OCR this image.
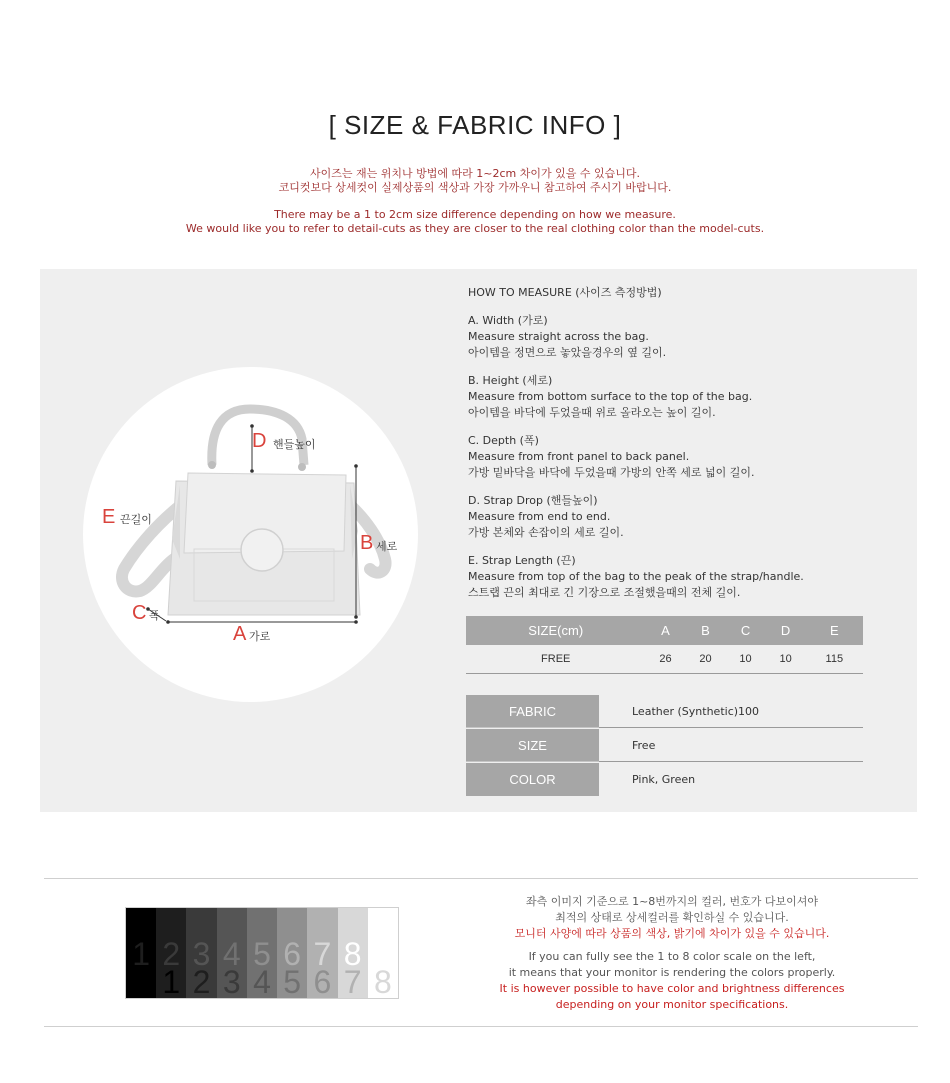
[ SIZE & FABRIC INFO ]
사이즈는 재는 위치나 방법에 따라 1~2cm 차이가 있을 수 있습니다.
코디컷보다 상세컷이 실제상품의 색상과 가장 가까우니 참고하여 주시기 바랍니다.
There may be a 1 to 2cm size difference depending on how we measure.
We would like you to refer to detail-cuts as they are closer to the real clothing color than the model-cuts.
D 핸들높이
E 끈길이
B 세로
C 폭
A 가로
HOW TO MEASURE (사이즈 측정방법)
A. Width (가로)
Measure straight across the bag.
아이템을 정면으로 놓았을경우의 옆 길이.
B. Height (세로)
Measure from bottom surface to the top of the bag.
아이템을 바닥에 두었을때 위로 올라오는 높이 길이.
C. Depth (폭)
Measure from front panel to back panel.
가방 밑바닥을 바닥에 두었을때 가방의 안쪽 세로 넓이 길이.
D. Strap Drop (핸들높이)
Measure from end to end.
가방 본체와 손잡이의 세로 길이.
E. Strap Length (끈)
Measure from top of the bag to the peak of the strap/handle.
스트랩 끈의 최대로 긴 기장으로 조절했을때의 전체 길이.
SIZE(cm)	A	B	C	D	E
FREE	26	20	10	10	115
FABRIC	Leather (Synthetic)100
SIZE	Free
COLOR	Pink, Green
1 2
1
3
2
4
3
5
4
6
5
7
6
8
7 8
좌측 이미지 기준으로 1~8번까지의 컬러, 번호가 다보이셔야
최적의 상태로 상세컬러를 확인하실 수 있습니다.
모니터 사양에 따라 상품의 색상, 밝기에 차이가 있을 수 있습니다.
If you can fully see the 1 to 8 color scale on the left,
it means that your monitor is rendering the colors properly.
It is however possible to have color and brightness differences
depending on your monitor specifications.
